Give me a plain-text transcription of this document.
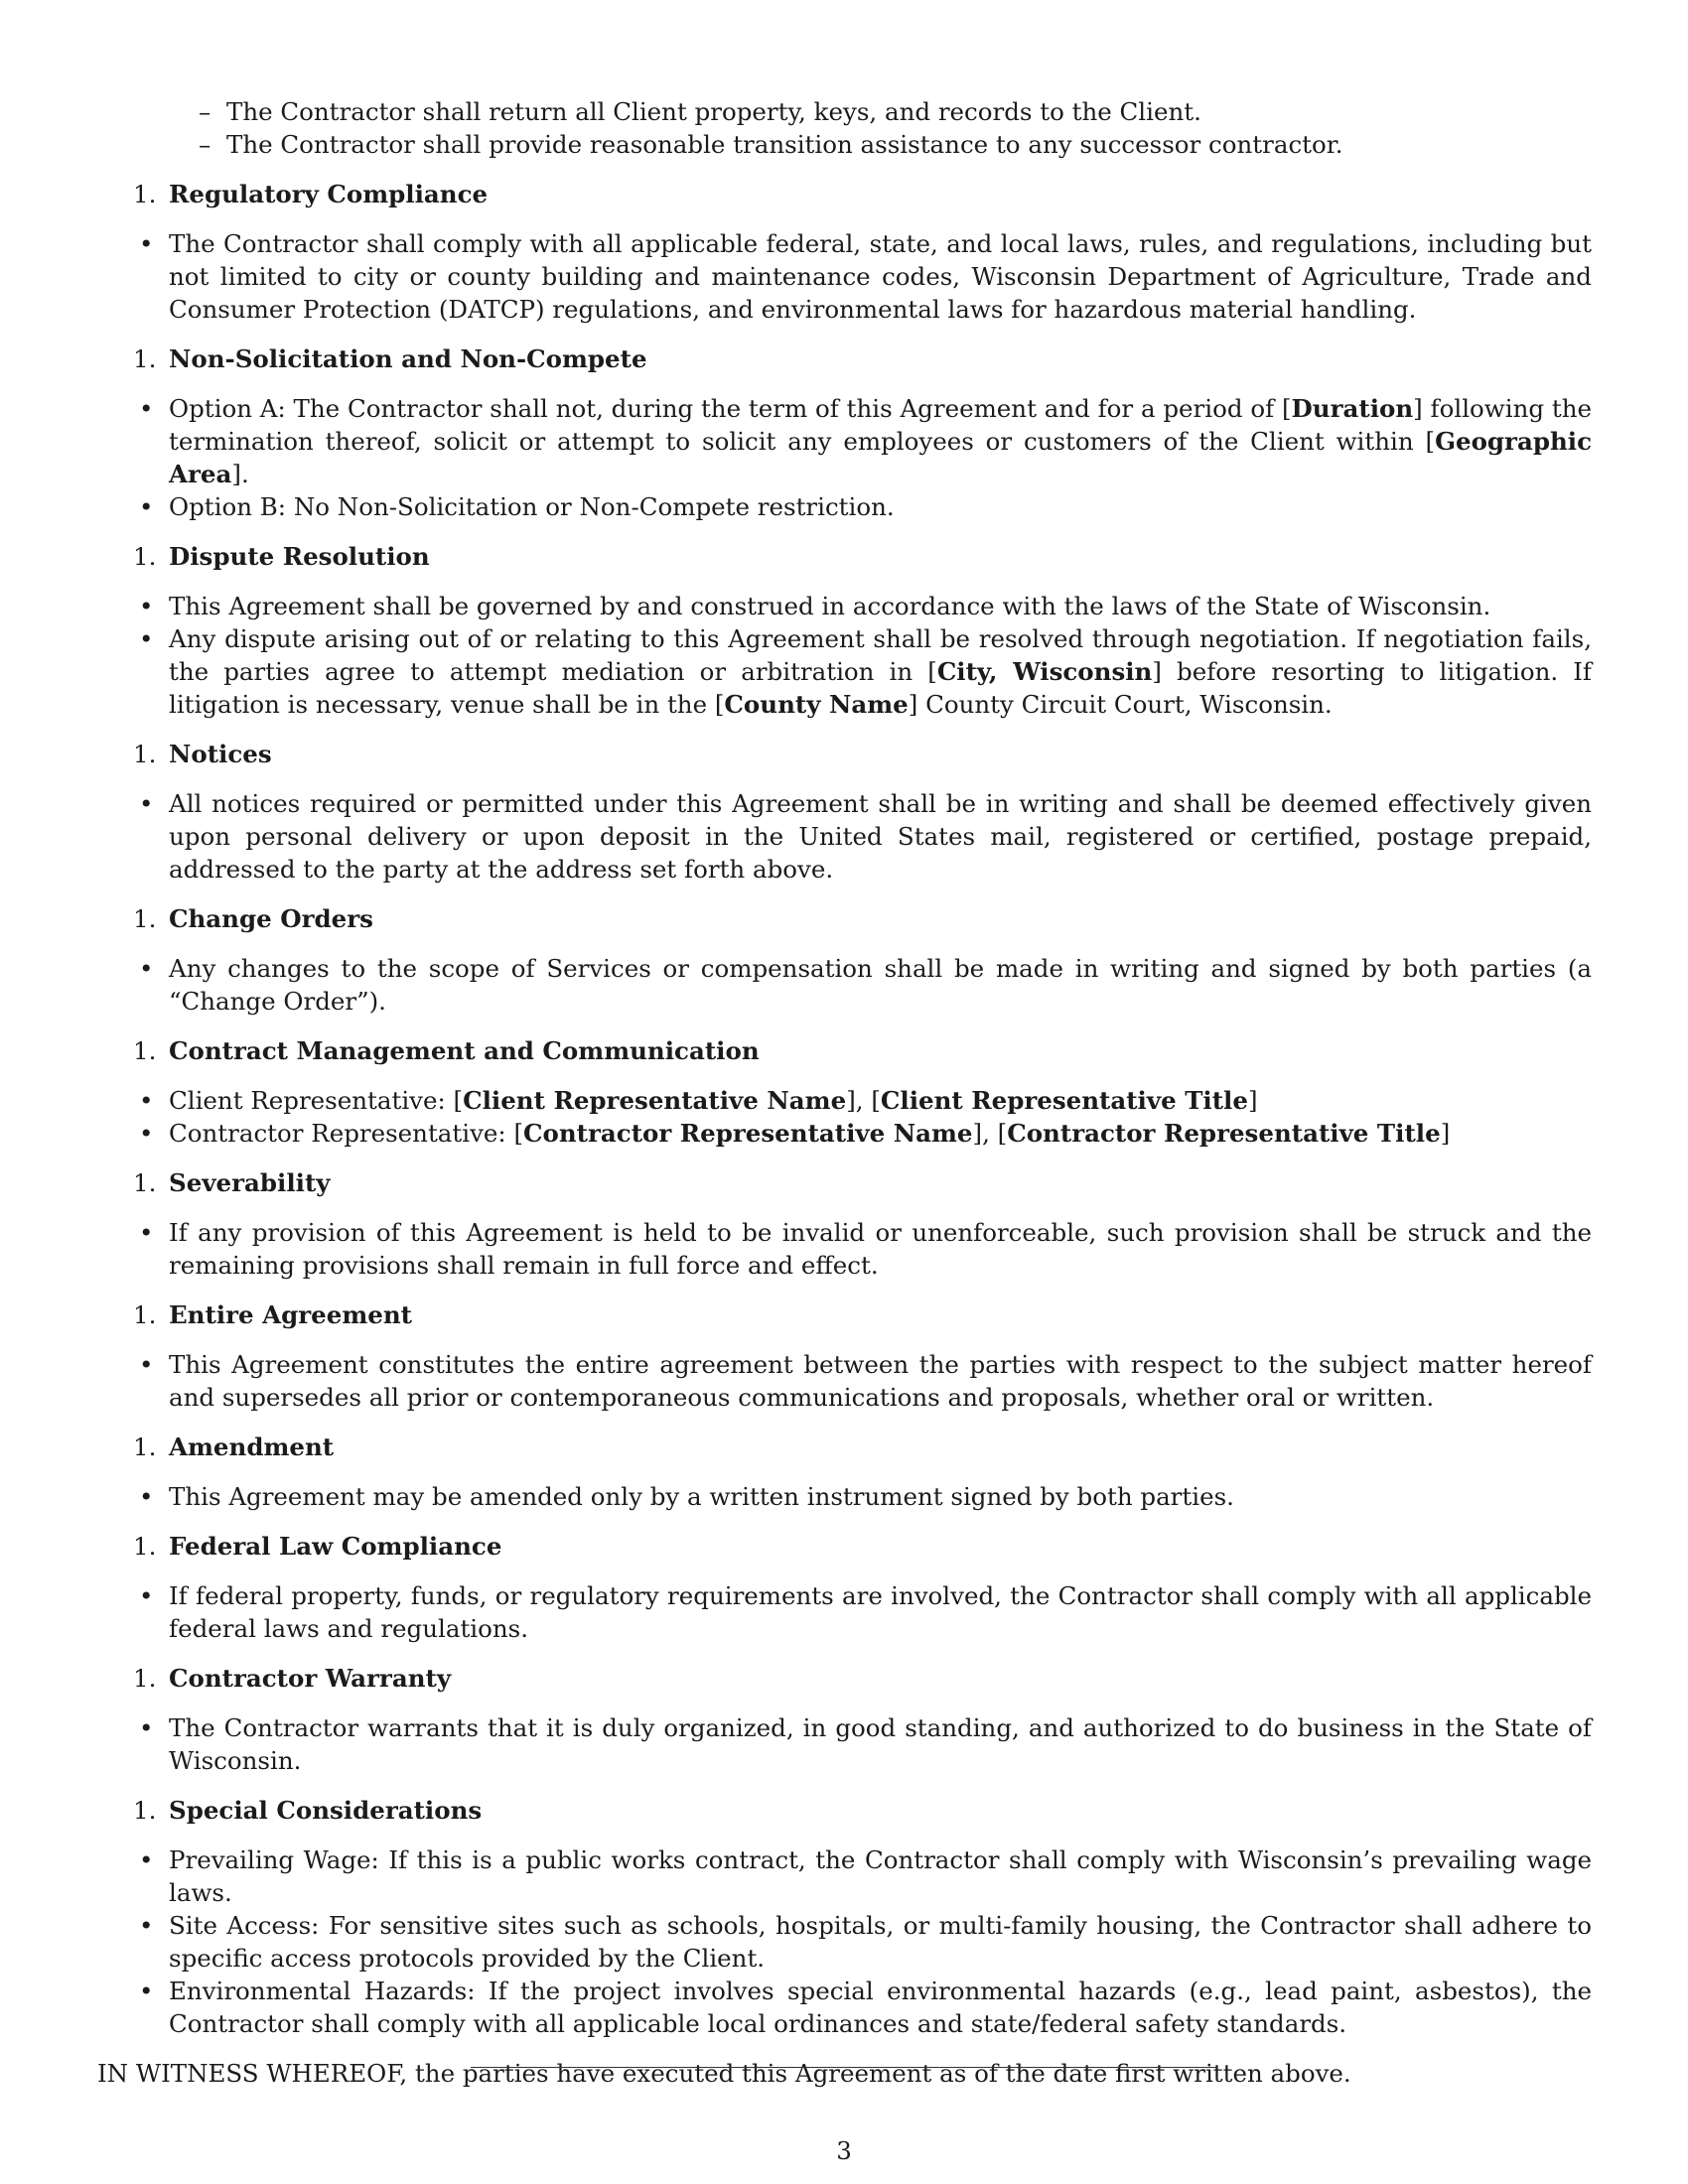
– The Contractor shall return all Client property, keys, and records to the Client.
– The Contractor shall provide reasonable transition assistance to any successor contractor.
1. Regulatory Compliance
• The Contractor shall comply with all applicable federal, state, and local laws, rules, and regulations, including but not limited to city or county building and maintenance codes, Wisconsin Department of Agriculture, Trade and Consumer Protection (DATCP) regulations, and environmental laws for hazardous material handling.
1. Non-Solicitation and Non-Compete
• Option A: The Contractor shall not, during the term of this Agreement and for a period of [Duration] following the termination thereof, solicit or attempt to solicit any employees or customers of the Client within [Geographic Area].
• Option B: No Non-Solicitation or Non-Compete restriction.
1. Dispute Resolution
• This Agreement shall be governed by and construed in accordance with the laws of the State of Wisconsin.
• Any dispute arising out of or relating to this Agreement shall be resolved through negotiation. If negotiation fails, the parties agree to attempt mediation or arbitration in [City, Wisconsin] before resorting to litigation. If litigation is necessary, venue shall be in the [County Name] County Circuit Court, Wisconsin.
1. Notices
• All notices required or permitted under this Agreement shall be in writing and shall be deemed effectively given upon personal delivery or upon deposit in the United States mail, registered or certified, postage prepaid, addressed to the party at the address set forth above.
1. Change Orders
• Any changes to the scope of Services or compensation shall be made in writing and signed by both parties (a “Change Order”).
1. Contract Management and Communication
• Client Representative: [Client Representative Name], [Client Representative Title]
• Contractor Representative: [Contractor Representative Name], [Contractor Representative Title]
1. Severability
• If any provision of this Agreement is held to be invalid or unenforceable, such provision shall be struck and the remaining provisions shall remain in full force and effect.
1. Entire Agreement
• This Agreement constitutes the entire agreement between the parties with respect to the subject matter hereof and supersedes all prior or contemporaneous communications and proposals, whether oral or written.
1. Amendment
• This Agreement may be amended only by a written instrument signed by both parties.
1. Federal Law Compliance
• If federal property, funds, or regulatory requirements are involved, the Contractor shall comply with all applicable federal laws and regulations.
1. Contractor Warranty
• The Contractor warrants that it is duly organized, in good standing, and authorized to do business in the State of Wisconsin.
1. Special Considerations
• Prevailing Wage: If this is a public works contract, the Contractor shall comply with Wisconsin’s prevailing wage laws.
• Site Access: For sensitive sites such as schools, hospitals, or multi-family housing, the Contractor shall adhere to specific access protocols provided by the Client.
• Environmental Hazards: If the project involves special environmental hazards (e.g., lead paint, asbestos), the Contractor shall comply with all applicable local ordinances and state/federal safety standards.

IN WITNESS WHEREOF, the parties have executed this Agreement as of the date first written above.

3
